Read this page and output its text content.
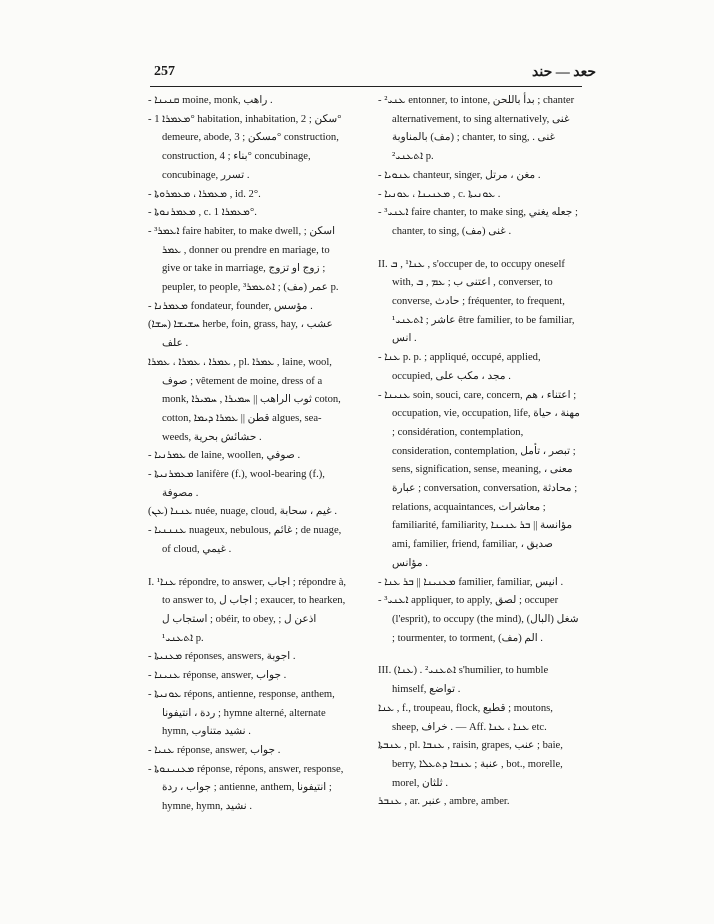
257	حعد — حند

- ܩܢܝܢܐ moine, monk, راهب .

- ܡܥܡܪܐ 1° habitation, inhabitation, سكن ; 2° demeure, abode, مسكن ; 3° construction, construction, بناء ; 4° concubinage, concubinage, تسرر .

- ܡܥܡܪܐ ، ܡܥܡܪܘܬܐ , id. 2°.

- ܡܥܡܪܢܘܬܐ , c. ܡܥܡܪܐ 1°.

- ܐܥܡܪ³ faire habiter, to make dwell, اسكن ; ܥܡܪ , donner ou prendre en mariage, to give or take in marriage, زوج او تزوج ; peupler, to people, عمر (مف) ; ܐܬܥܡܪ³ p.

- ܡܥܡܪܢܐ fondateur, founder, مؤسس .

(ܚܫܐ) ܚܫܝܫܐ herbe, foin, grass, hay, عشب ، علف .

ܥܡܪܐ ، ܥܡܪܐ ، ܥܡܪܐ , pl. ܥܡܪܐ , laine, wool, صوف ; vêtement de moine, dress of a monk, ثوب الراهب || ܚܡܝܪܐ , ܚܡܝܪܐ coton, cotton, قطن || ܥܡܪܐ ܕܝܡܐ algues, sea-weeds, حشائش بحرية .

- ܥܡܪܢܝܐ de laine, woollen, صوفي .

- ܡܥܡܪܢܝܬܐ lanifère (f.), wool-bearing (f.), مصوفة .

(ܥܢ) ܥܢܢܐ nuée, nuage, cloud, غيم ، سحابة .

- ܥܢܢܢܝܐ nuageux, nebulous, غائم ; de nuage, of cloud, غيمي .

I. ܥܢܐ¹ répondre, to answer, اجاب ; répondre à, to answer to, اجاب ل ; exaucer, to hearken, استجاب ل ; obéir, to obey, اذعن ل ; ܐܬܥܢܝ¹ p.

- ܡܥܢܝܬܐ réponses, answers, اجوبة .

- ܥܢܝܢܐ réponse, answer, جواب .

- ܥܘܢܝܬܐ répons, antienne, response, anthem, ردة ، انتيفونا ; hymne alterné, alternate hymn, نشيد متناوب .

- ܥܢܝܐ réponse, answer, جواب .

- ܡܥܢܝܢܘܬܐ réponse, répons, answer, response, جواب ، ردة ; antienne, anthem, انتيفونا ; hymne, hymn, نشيد .

- ܥܢܝ² entonner, to intone, بدأ باللحن ; chanter alternativement, to sing alternatively, غنى (مف) بالمناوبة ; chanter, to sing, غنى . ܐܬܥܢܝ² p.

- ܥܢܘܝܐ chanteur, singer, مغن ، مرتل .

- ܡܥܢܝܢܐ ، ܥܘܢܝܐ , c. ܥܘܢܝܬܐ .

- ܐܥܢܝ³ faire chanter, to make sing, جعله يغني ; chanter, to sing, غنى (مف) .

II. ܥܢܐ¹ , ܒ , s'occuper de, to occupy oneself with, اعتنى ب ; ܥܡ , ܒ , converser, to converse, حادث ; fréquenter, to frequent, عاشر ; ܐܬܥܢܝ¹ être familier, to be familiar, انس .

- ܥܢܐ p. p. ; appliqué, occupé, applied, occupied, مجد ، مكب على .

- ܥܢܝܢܐ soin, souci, care, concern, اعتناء ، هم ; occupation, vie, occupation, life, مهنة ، حياة ; considération, contemplation, consideration, contemplation, تبصر ، تأمل ; sens, signification, sense, meaning, معنى ، عبارة ; conversation, conversation, محادثة ; relations, acquaintances, معاشرات ; familiarité, familiarity, مؤانسة || ܒܪ ܥܢܝܢܐ ami, familier, friend, familiar, صديق ، مؤانس .

- ܡܥܢܝܢܐ || ܒܪ ܥܢܐ familier, familiar, انيس .

- ܐܥܢܝ³ appliquer, to apply, لصق ; occuper (l'esprit), to occupy (the mind), شغل (البال) ; tourmenter, to torment, الم (مف) .

III. (ܥܢܐ) . ܐܬܥܢܝ² s'humilier, to humble himself, تواضع .

ܥܢܐ , f., troupeau, flock, قطيع ; moutons, sheep, خراف . — Aff. ܥܢܐ ، ܥܢܐ etc.

ܥܢܒܬܐ , pl. ܥܢܒܐ , raisin, grapes, عنب ; baie, berry, عنبة ; ܥܢܒܐ ܕܬܥܠܐ , bot., morelle, morel, ثلثان .

ܥܢܒܪ , ar. عنبر , ambre, amber.
